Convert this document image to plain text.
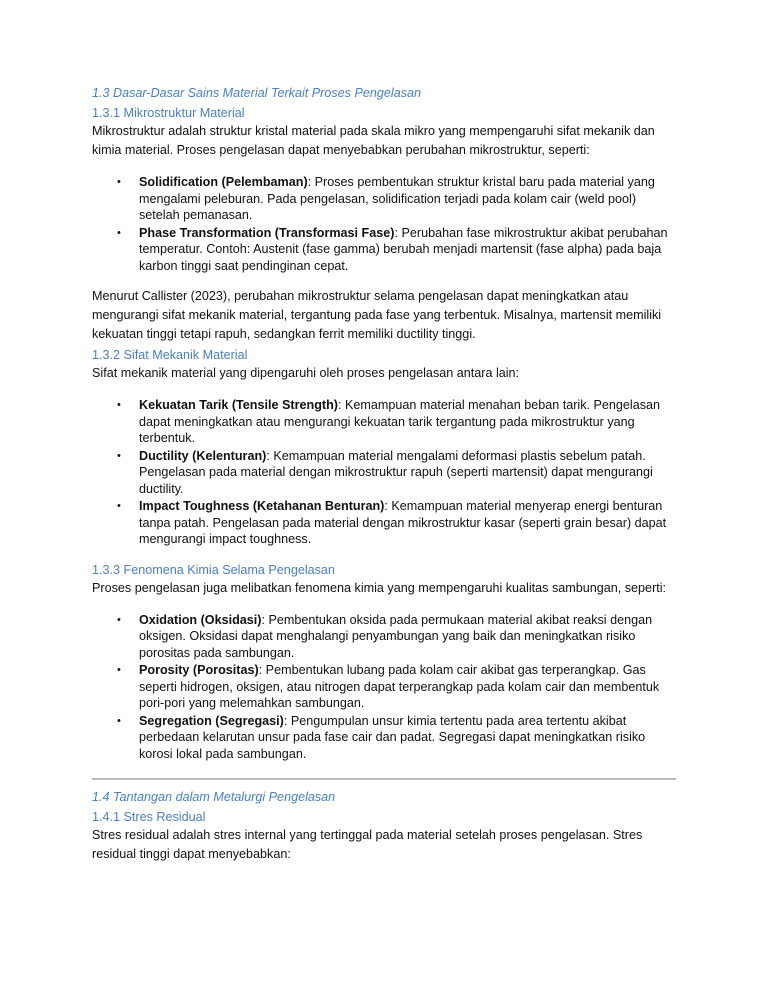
1.3 Dasar-Dasar Sains Material Terkait Proses Pengelasan
1.3.1 Mikrostruktur Material

Mikrostruktur adalah struktur kristal material pada skala mikro yang mempengaruhi sifat mekanik dan kimia material. Proses pengelasan dapat menyebabkan perubahan mikrostruktur, seperti:

• Solidification (Pelembaman): Proses pembentukan struktur kristal baru pada material yang mengalami peleburan. Pada pengelasan, solidification terjadi pada kolam cair (weld pool) setelah pemanasan.
• Phase Transformation (Transformasi Fase): Perubahan fase mikrostruktur akibat perubahan temperatur. Contoh: Austenit (fase gamma) berubah menjadi martensit (fase alpha) pada baja karbon tinggi saat pendinginan cepat.

Menurut Callister (2023), perubahan mikrostruktur selama pengelasan dapat meningkatkan atau mengurangi sifat mekanik material, tergantung pada fase yang terbentuk. Misalnya, martensit memiliki kekuatan tinggi tetapi rapuh, sedangkan ferrit memiliki ductility tinggi.

1.3.2 Sifat Mekanik Material

Sifat mekanik material yang dipengaruhi oleh proses pengelasan antara lain:

• Kekuatan Tarik (Tensile Strength): Kemampuan material menahan beban tarik. Pengelasan dapat meningkatkan atau mengurangi kekuatan tarik tergantung pada mikrostruktur yang terbentuk.
• Ductility (Kelenturan): Kemampuan material mengalami deformasi plastis sebelum patah. Pengelasan pada material dengan mikrostruktur rapuh (seperti martensit) dapat mengurangi ductility.
• Impact Toughness (Ketahanan Benturan): Kemampuan material menyerap energi benturan tanpa patah. Pengelasan pada material dengan mikrostruktur kasar (seperti grain besar) dapat mengurangi impact toughness.
1.3.3 Fenomena Kimia Selama Pengelasan

Proses pengelasan juga melibatkan fenomena kimia yang mempengaruhi kualitas sambungan, seperti:

• Oxidation (Oksidasi): Pembentukan oksida pada permukaan material akibat reaksi dengan oksigen. Oksidasi dapat menghalangi penyambungan yang baik dan meningkatkan risiko porositas pada sambungan.
• Porosity (Porositas): Pembentukan lubang pada kolam cair akibat gas terperangkap. Gas seperti hidrogen, oksigen, atau nitrogen dapat terperangkap pada kolam cair dan membentuk pori-pori yang melemahkan sambungan.
• Segregation (Segregasi): Pengumpulan unsur kimia tertentu pada area tertentu akibat perbedaan kelarutan unsur pada fase cair dan padat. Segregasi dapat meningkatkan risiko korosi lokal pada sambungan.
1.4 Tantangan dalam Metalurgi Pengelasan
1.4.1 Stres Residual

Stres residual adalah stres internal yang tertinggal pada material setelah proses pengelasan. Stres residual tinggi dapat menyebabkan:
